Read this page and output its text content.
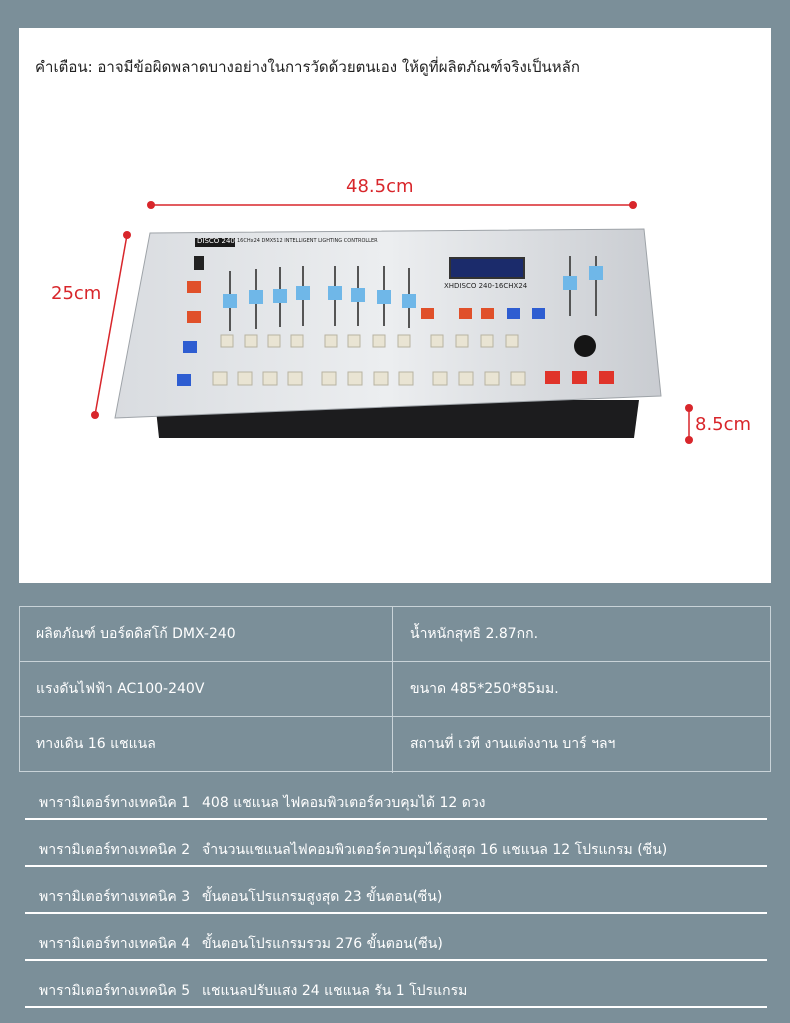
คำเตือน: อาจมีข้อผิดพลาดบางอย่างในการวัดด้วยตนเอง ให้ดูที่ผลิตภัณฑ์จริงเป็นหลัก
DISCO 240 16CHx24 DMX512 INTELLIGENT LIGHTING CONTROLLER
XHDISCO 240-16CHX24
48.5cm
25cm
8.5cm
ผลิตภัณฑ์ บอร์ดดิสโก้ DMX-240	น้ำหนักสุทธิ 2.87กก.
แรงดันไฟฟ้า AC100-240V	ขนาด 485*250*85มม.
ทางเดิน 16 แชแนล	สถานที่ เวที งานแต่งงาน บาร์ ฯลฯ
พารามิเตอร์ทางเทคนิค 1 408 แชแนล ไฟคอมพิวเตอร์ควบคุมได้ 12 ดวง
พารามิเตอร์ทางเทคนิค 2 จำนวนแชแนลไฟคอมพิวเตอร์ควบคุมได้สูงสุด 16 แชแนล 12 โปรแกรม (ซีน)
พารามิเตอร์ทางเทคนิค 3 ขั้นตอนโปรแกรมสูงสุด 23 ขั้นตอน(ซีน)
พารามิเตอร์ทางเทคนิค 4 ขั้นตอนโปรแกรมรวม 276 ขั้นตอน(ซีน)
พารามิเตอร์ทางเทคนิค 5 แชแนลปรับแสง 24 แชแนล รัน 1 โปรแกรม
